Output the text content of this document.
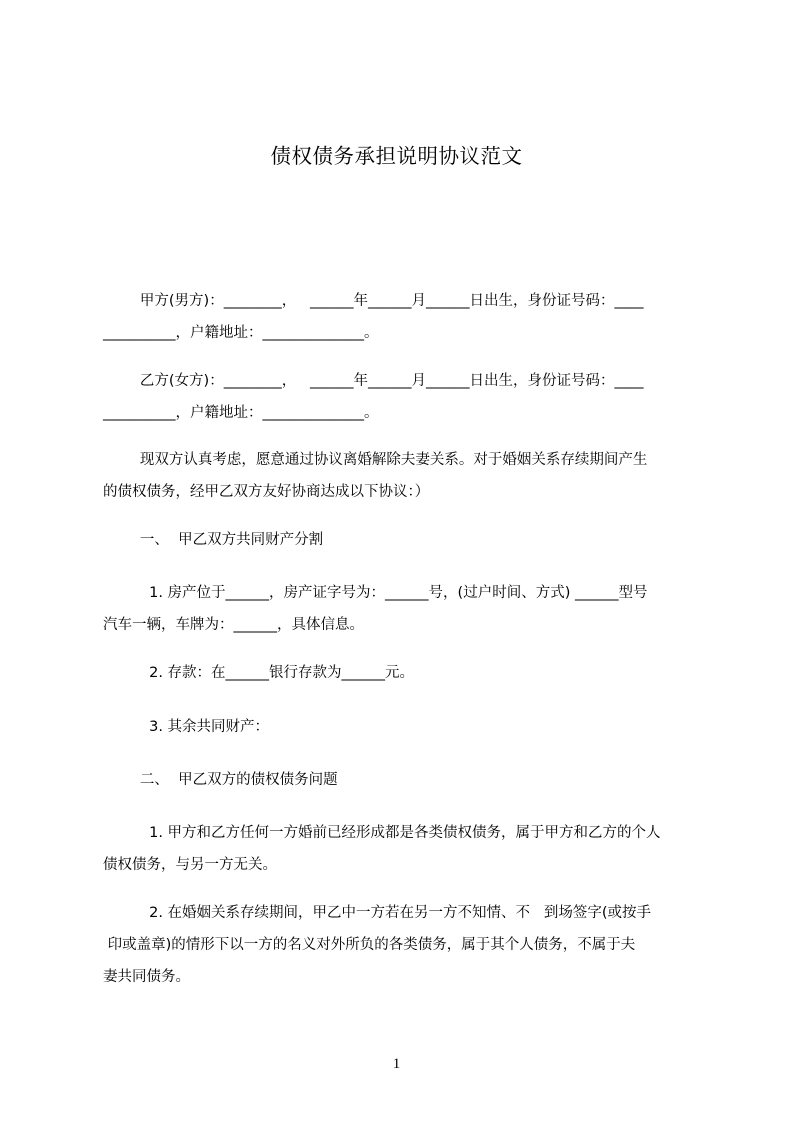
债权债务承担说明协议范文

甲方(男方)：________，   ______年______月______日出生，身份证号码：____
__________，户籍地址：______________。

乙方(女方)：________，   ______年______月______日出生，身份证号码：____
__________，户籍地址：______________。

现双方认真考虑，愿意通过协议离婚解除夫妻关系。对于婚姻关系存续期间产生
的债权债务，经甲乙双方友好协商达成以下协议：）

一、  甲乙双方共同财产分割

1. 房产位于______，房产证字号为：______号，(过户时间、方式) ______型号
汽车一辆，车牌为：______，具体信息。

2. 存款：在______银行存款为______元。

3. 其余共同财产：

二、  甲乙双方的债权债务问题

1. 甲方和乙方任何一方婚前已经形成都是各类债权债务，属于甲方和乙方的个人
债权债务，与另一方无关。

2. 在婚姻关系存续期间，甲乙中一方若在另一方不知情、不   到场签字(或按手
印或盖章)的情形下以一方的名义对外所负的各类债务，属于其个人债务，不属于夫
妻共同债务。

1
